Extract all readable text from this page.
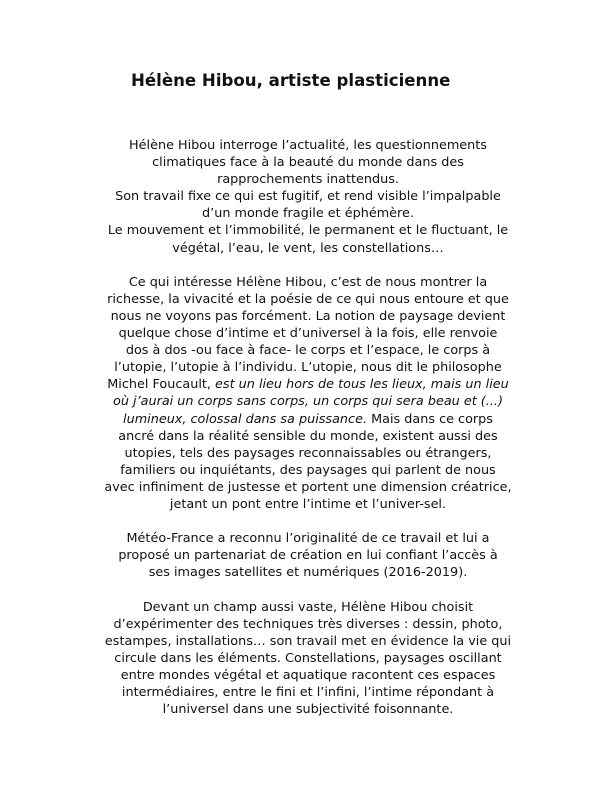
Hélène Hibou, artiste plasticienne

Hélène Hibou interroge l’actualité, les questionnements
climatiques face à la beauté du monde dans des
rapprochements inattendus.
Son travail fixe ce qui est fugitif, et rend visible l’impalpable
d’un monde fragile et éphémère.
Le mouvement et l’immobilité, le permanent et le fluctuant, le
végétal, l’eau, le vent, les constellations…

Ce qui intéresse Hélène Hibou, c’est de nous montrer la
richesse, la vivacité et la poésie de ce qui nous entoure et que
nous ne voyons pas forcément. La notion de paysage devient
quelque chose d’intime et d’universel à la fois, elle renvoie
dos à dos -ou face à face- le corps et l’espace, le corps à
l’utopie, l’utopie à l’individu. L’utopie, nous dit le philosophe
Michel Foucault, est un lieu hors de tous les lieux, mais un lieu
où j’aurai un corps sans corps, un corps qui sera beau et (...)
lumineux, colossal dans sa puissance. Mais dans ce corps
ancré dans la réalité sensible du monde, existent aussi des
utopies, tels des paysages reconnaissables ou étrangers,
familiers ou inquiétants, des paysages qui parlent de nous
avec infiniment de justesse et portent une dimension créatrice,
jetant un pont entre l’intime et l’univer-sel.

Météo-France a reconnu l’originalité de ce travail et lui a
proposé un partenariat de création en lui confiant l’accès à
ses images satellites et numériques (2016-2019).

Devant un champ aussi vaste, Hélène Hibou choisit
d’expérimenter des techniques très diverses : dessin, photo,
estampes, installations… son travail met en évidence la vie qui
circule dans les éléments. Constellations, paysages oscillant
entre mondes végétal et aquatique racontent ces espaces
intermédiaires, entre le fini et l’infini, l’intime répondant à
l’universel dans une subjectivité foisonnante.
